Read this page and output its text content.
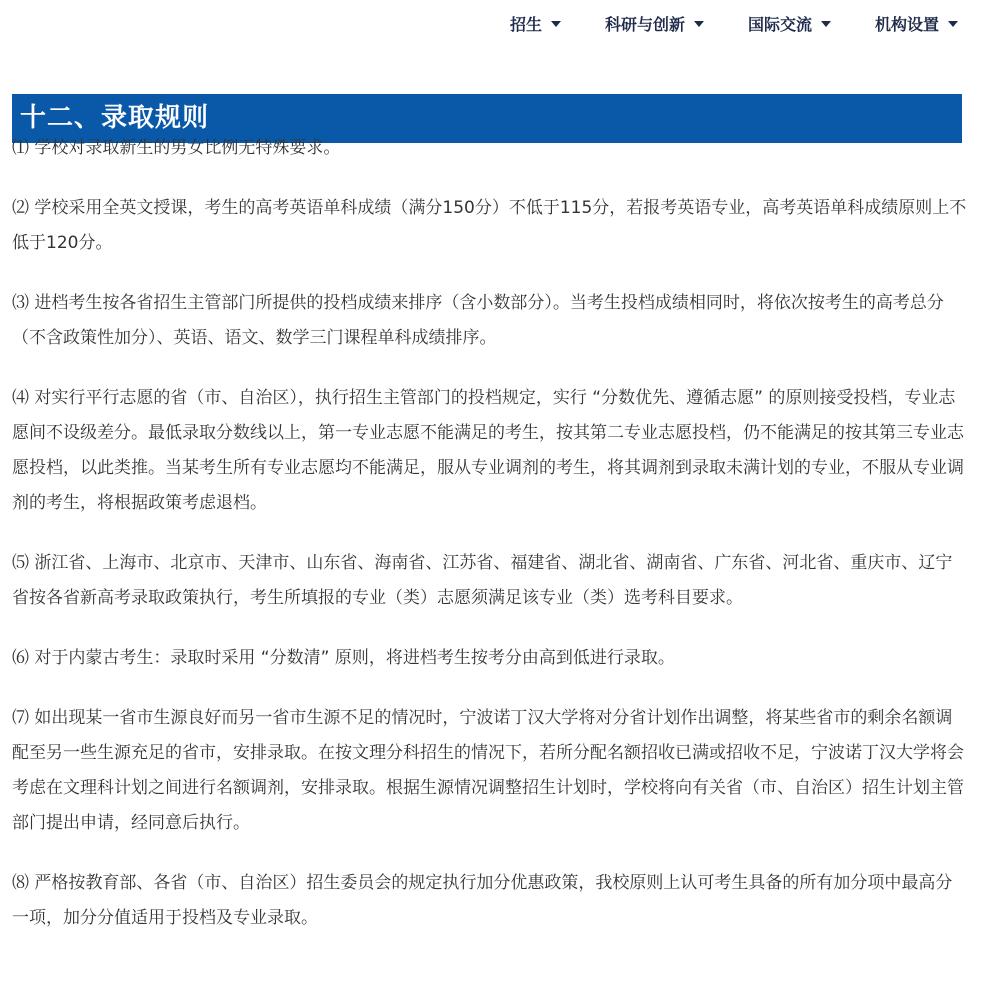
招生	科研与创新	国际交流	机构设置
十二、录取规则

⑴ 学校对录取新生的男女比例无特殊要求。

⑵ 学校采用全英文授课，考生的高考英语单科成绩（满分150分）不低于115分，若报考英语专业，高考英语单科成绩原则上不低于120分。

⑶ 进档考生按各省招生主管部门所提供的投档成绩来排序（含小数部分）。当考生投档成绩相同时，将依次按考生的高考总分（不含政策性加分）、英语、语文、数学三门课程单科成绩排序。

⑷ 对实行平行志愿的省（市、自治区），执行招生主管部门的投档规定，实行 “分数优先、遵循志愿” 的原则接受投档，专业志愿间不设级差分。最低录取分数线以上，第一专业志愿不能满足的考生，按其第二专业志愿投档，仍不能满足的按其第三专业志愿投档，以此类推。当某考生所有专业志愿均不能满足，服从专业调剂的考生，将其调剂到录取未满计划的专业，不服从专业调剂的考生，将根据政策考虑退档。

⑸ 浙江省、上海市、北京市、天津市、山东省、海南省、江苏省、福建省、湖北省、湖南省、广东省、河北省、重庆市、辽宁省按各省新高考录取政策执行，考生所填报的专业（类）志愿须满足该专业（类）选考科目要求。

⑹ 对于内蒙古考生：录取时采用 “分数清” 原则，将进档考生按考分由高到低进行录取。

⑺ 如出现某一省市生源良好而另一省市生源不足的情况时，宁波诺丁汉大学将对分省计划作出调整，将某些省市的剩余名额调配至另一些生源充足的省市，安排录取。在按文理分科招生的情况下，若所分配名额招收已满或招收不足，宁波诺丁汉大学将会考虑在文理科计划之间进行名额调剂，安排录取。根据生源情况调整招生计划时，学校将向有关省（市、自治区）招生计划主管部门提出申请，经同意后执行。

⑻ 严格按教育部、各省（市、自治区）招生委员会的规定执行加分优惠政策，我校原则上认可考生具备的所有加分项中最高分一项，加分分值适用于投档及专业录取。
